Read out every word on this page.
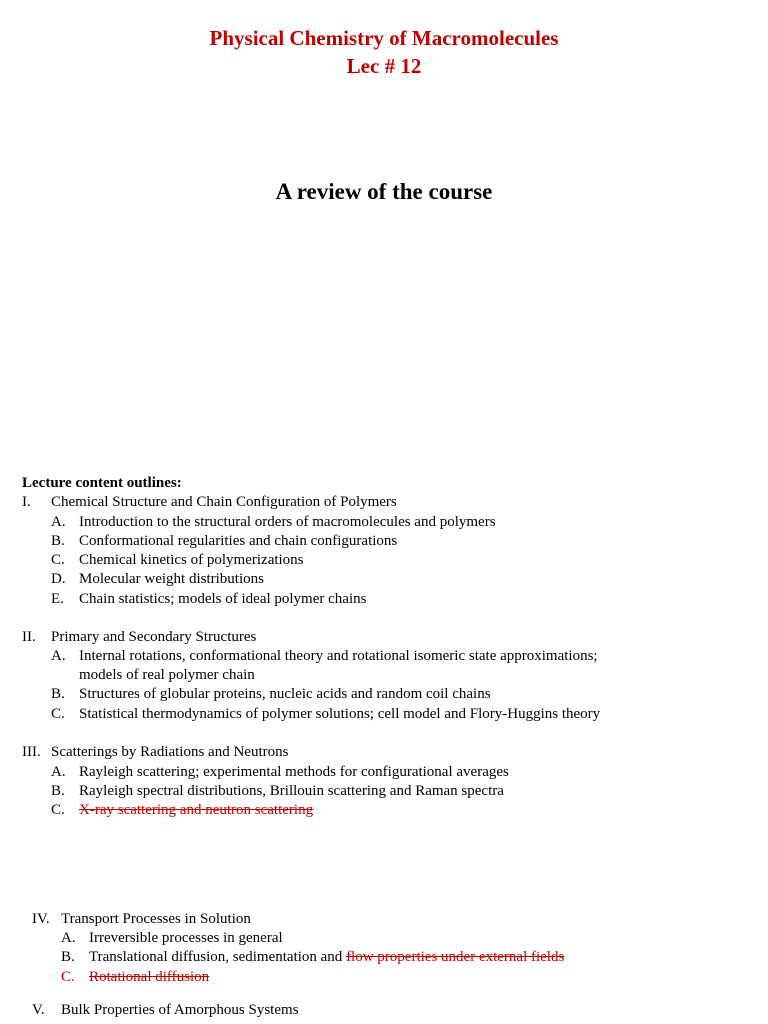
Physical Chemistry of Macromolecules
Lec # 12
A review of the course
Lecture content outlines:
I. Chemical Structure and Chain Configuration of Polymers
A. Introduction to the structural orders of macromolecules and polymers
B. Conformational regularities and chain configurations
C. Chemical kinetics of polymerizations
D. Molecular weight distributions
E. Chain statistics; models of ideal polymer chains
II. Primary and Secondary Structures
A. Internal rotations, conformational theory and rotational isomeric state approximations;
models of real polymer chain
B. Structures of globular proteins, nucleic acids and random coil chains
C. Statistical thermodynamics of polymer solutions; cell model and Flory-Huggins theory
III. Scatterings by Radiations and Neutrons
A. Rayleigh scattering; experimental methods for configurational averages
B. Rayleigh spectral distributions, Brillouin scattering and Raman spectra
C. X-ray scattering and neutron scattering
IV. Transport Processes in Solution
A. Irreversible processes in general
B. Translational diffusion, sedimentation and flow properties under external fields
C. Rotational diffusion
V. Bulk Properties of Amorphous Systems
